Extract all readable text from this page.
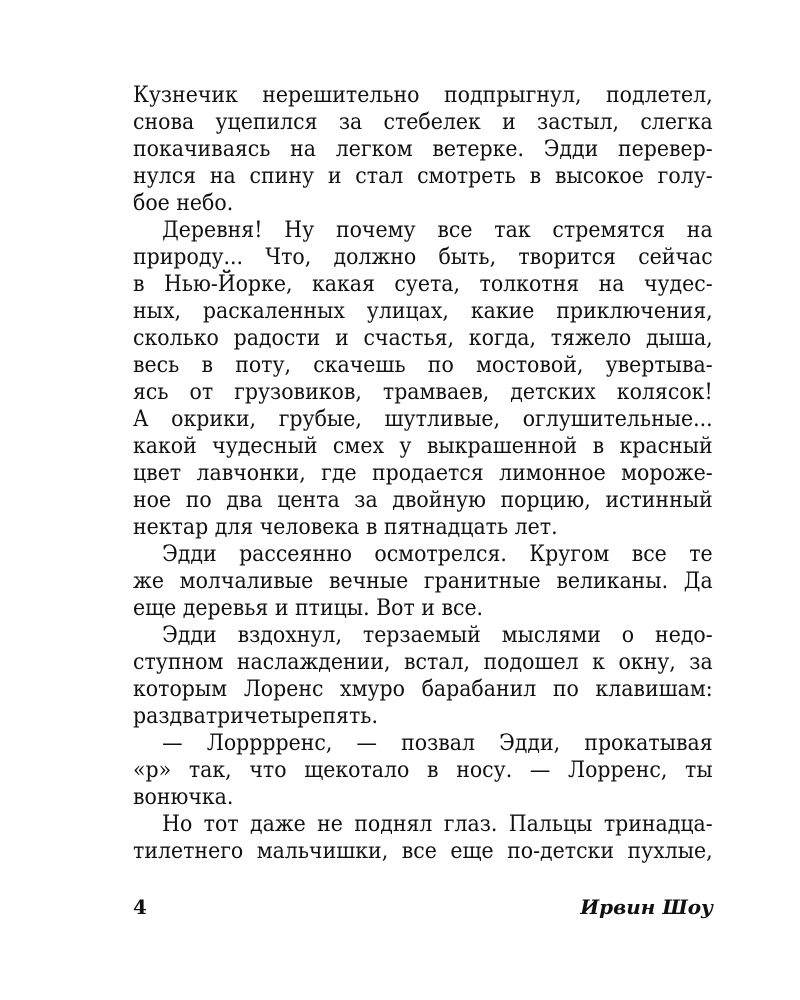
Кузнечик нерешительно подпрыгнул, подлетел,
снова уцепился за стебелек и застыл, слегка
покачиваясь на легком ветерке. Эдди перевер-
нулся на спину и стал смотреть в высокое голу-
бое небо.
Деревня! Ну почему все так стремятся на
природу... Что, должно быть, творится сейчас
в Нью-Йорке, какая суета, толкотня на чудес-
ных, раскаленных улицах, какие приключения,
сколько радости и счастья, когда, тяжело дыша,
весь в поту, скачешь по мостовой, увертыва-
ясь от грузовиков, трамваев, детских колясок!
А окрики, грубые, шутливые, оглушительные...
какой чудесный смех у выкрашенной в красный
цвет лавчонки, где продается лимонное мороже-
ное по два цента за двойную порцию, истинный
нектар для человека в пятнадцать лет.
Эдди рассеянно осмотрелся. Кругом все те
же молчаливые вечные гранитные великаны. Да
еще деревья и птицы. Вот и все.
Эдди вздохнул, терзаемый мыслями о недо-
ступном наслаждении, встал, подошел к окну, за
которым Лоренс хмуро барабанил по клавишам:
раздватричетырепять.
— Лорррренс, — позвал Эдди, прокатывая
«р» так, что щекотало в носу. — Лорренс, ты
вонючка.
Но тот даже не поднял глаз. Пальцы тринадца-
тилетнего мальчишки, все еще по-детски пухлые,
4	Ирвин Шоу
